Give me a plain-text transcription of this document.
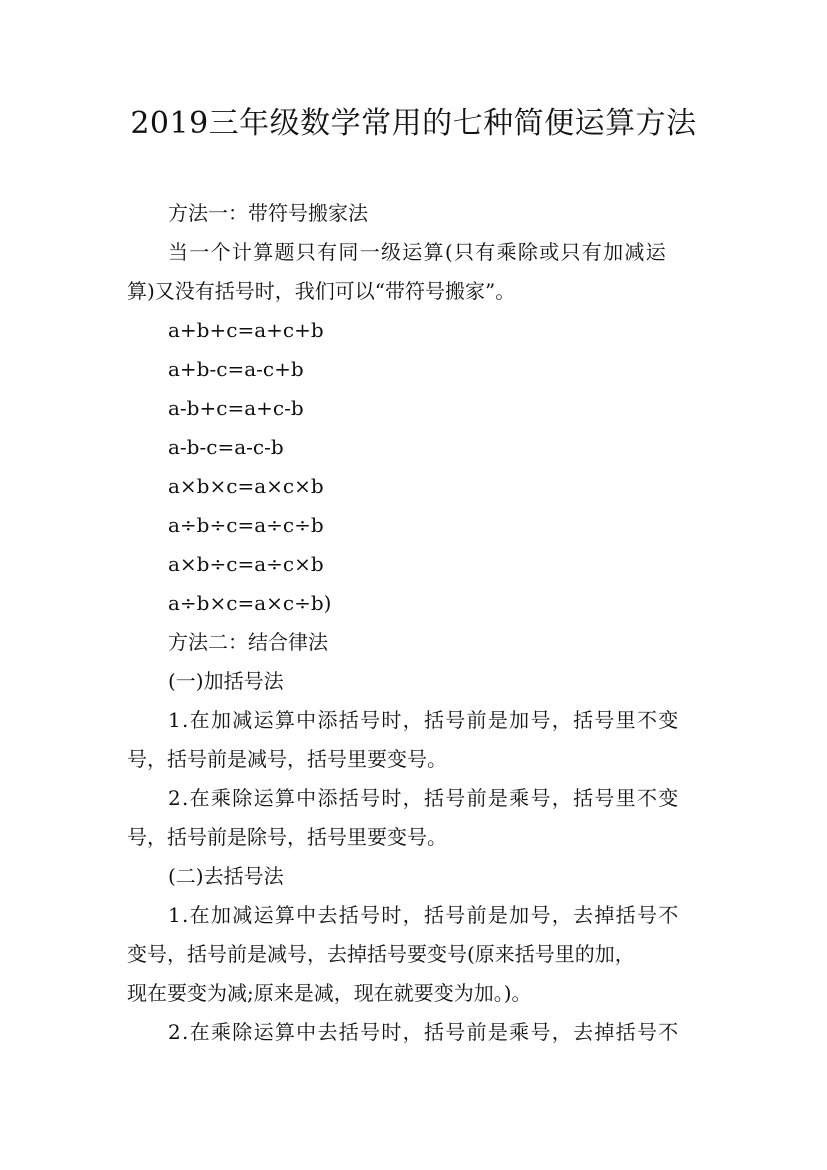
2019三年级数学常用的七种简便运算方法
方法一：带符号搬家法
当一个计算题只有同一级运算(只有乘除或只有加减运
算)又没有括号时，我们可以“带符号搬家”。
a+b+c=a+c+b
a+b-c=a-c+b
a-b+c=a+c-b
a-b-c=a-c-b
a×b×c=a×c×b
a÷b÷c=a÷c÷b
a×b÷c=a÷c×b
a÷b×c=a×c÷b)
方法二：结合律法
(一)加括号法
1.在加减运算中添括号时，括号前是加号，括号里不变
号，括号前是减号，括号里要变号。
2.在乘除运算中添括号时，括号前是乘号，括号里不变
号，括号前是除号，括号里要变号。
(二)去括号法
1.在加减运算中去括号时，括号前是加号，去掉括号不
变号，括号前是减号，去掉括号要变号(原来括号里的加，
现在要变为减;原来是减，现在就要变为加。)。
2.在乘除运算中去括号时，括号前是乘号，去掉括号不
